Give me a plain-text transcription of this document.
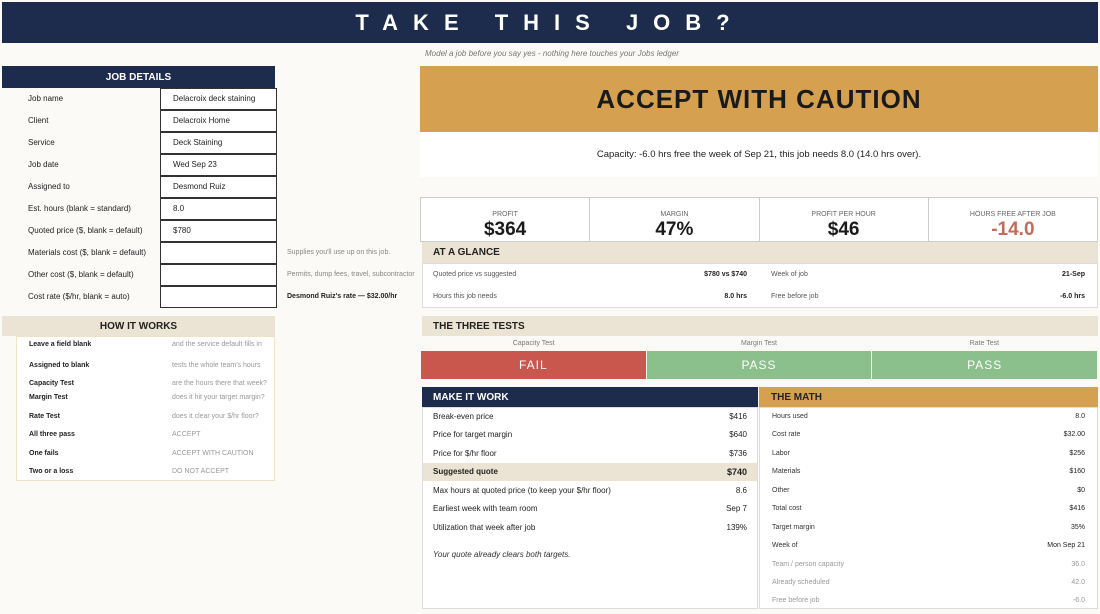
TAKE THIS JOB?
Model a job before you say yes - nothing here touches your Jobs ledger
JOB DETAILS
Job name	Delacroix deck staining
Client	Delacroix Home
Service	Deck Staining
Job date	Wed Sep 23
Assigned to	Desmond Ruiz
Est. hours (blank = standard)	8.0
Quoted price ($, blank = default)	$780
Materials cost ($, blank = default)
Other cost ($, blank = default)
Cost rate ($/hr, blank = auto)
Supplies you'll use up on this job.
Permits, dump fees, travel, subcontractor
Desmond Ruiz's rate — $32.00/hr
HOW IT WORKS
Leave a field blank	and the service default fills in
Assigned to blank	tests the whole team's hours
Capacity Test	are the hours there that week?
Margin Test	does it hit your target margin?
Rate Test	does it clear your $/hr floor?
All three pass	ACCEPT
One fails	ACCEPT WITH CAUTION
Two or a loss	DO NOT ACCEPT
ACCEPT WITH CAUTION
Capacity: -6.0 hrs free the week of Sep 21, this job needs 8.0 (14.0 hrs over).
PROFIT
$364
MARGIN
47%
PROFIT PER HOUR
$46
HOURS FREE AFTER JOB
-14.0
AT A GLANCE
Quoted price vs suggested	$780 vs $740	Week of job	21-Sep
Hours this job needs	8.0 hrs	Free before job	-6.0 hrs
THE THREE TESTS
Capacity Test	Margin Test	Rate Test
FAIL	PASS	PASS
MAKE IT WORK
Break-even price	$416
Price for target margin	$640
Price for $/hr floor	$736
Suggested quote	$740
Max hours at quoted price (to keep your $/hr floor)	8.6
Earliest week with team room	Sep 7
Utilization that week after job	139%
Your quote already clears both targets.
THE MATH
Hours used	8.0
Cost rate	$32.00
Labor	$256
Materials	$160
Other	$0
Total cost	$416
Target margin	35%
Week of	Mon Sep 21
Team / person capacity	36.0
Already scheduled	42.0
Free before job	-6.0
